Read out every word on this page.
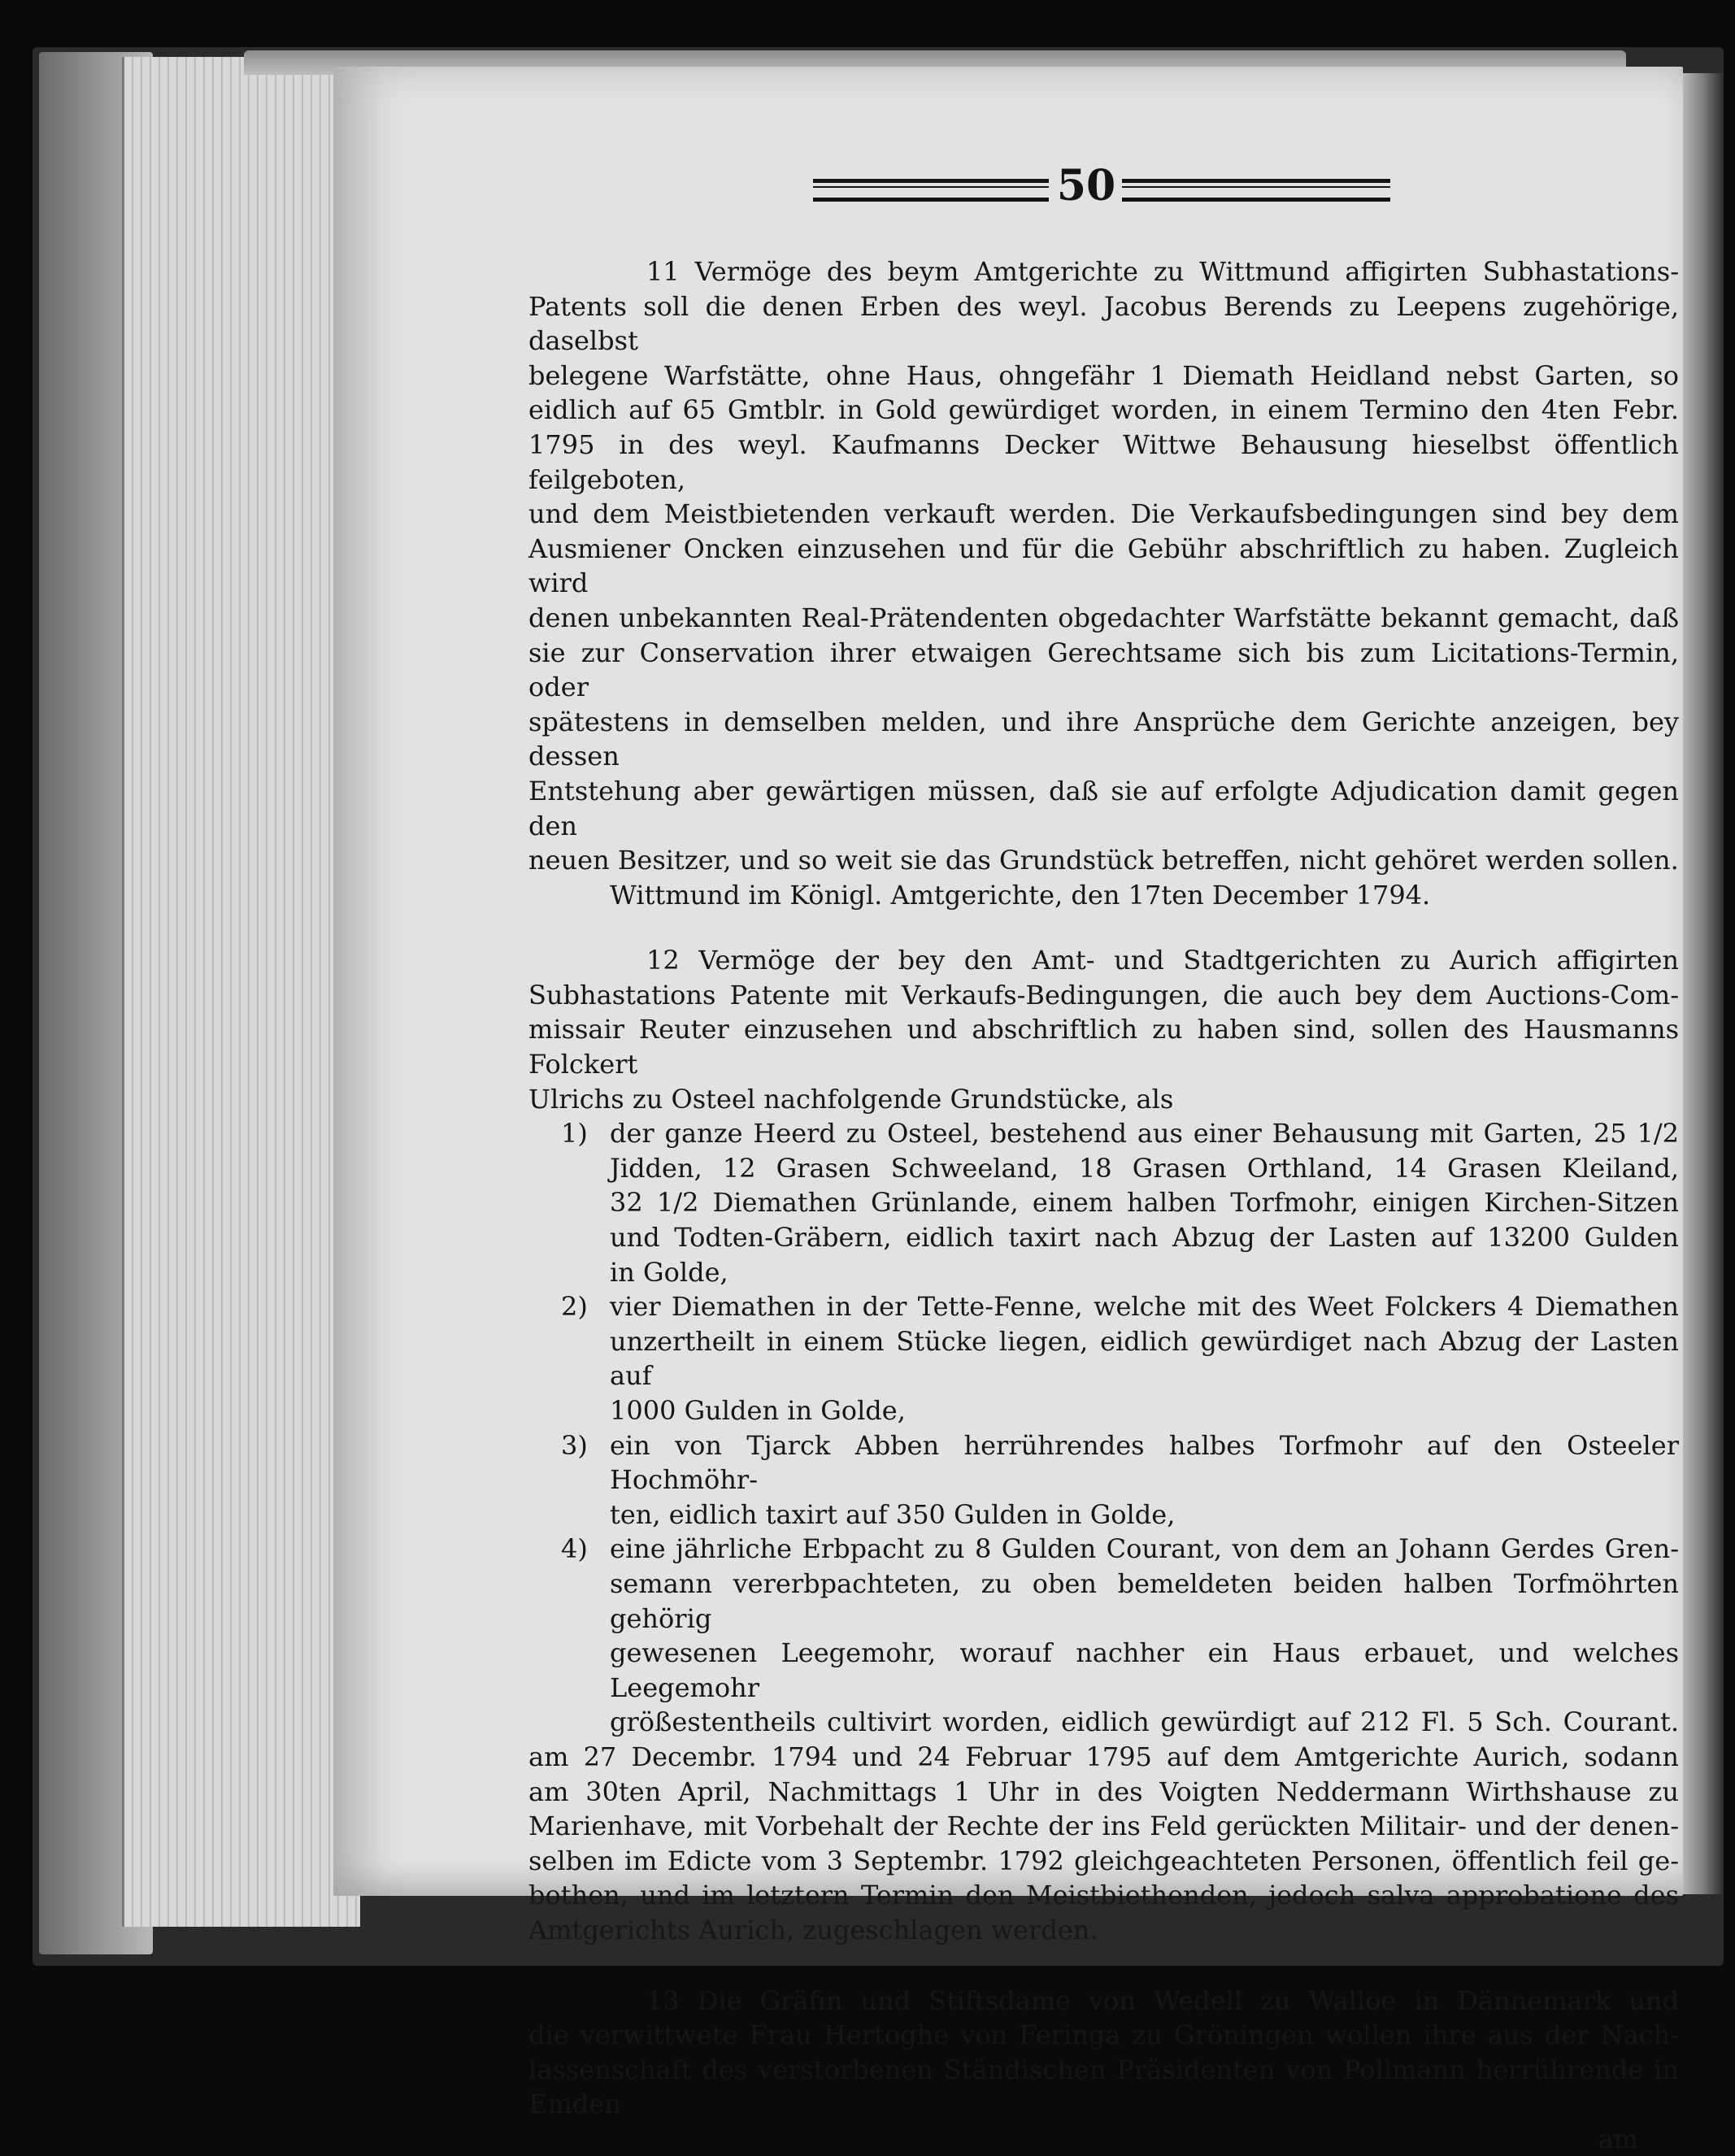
50
11 Vermöge des beym Amtgerichte zu Wittmund affigirten Subhastations-
Patents soll die denen Erben des weyl. Jacobus Berends zu Leepens zugehörige, daselbst
belegene Warfstätte, ohne Haus, ohngefähr 1 Diemath Heidland nebst Garten, so
eidlich auf 65 Gmtblr. in Gold gewürdiget worden, in einem Termino den 4ten Febr.
1795 in des weyl. Kaufmanns Decker Wittwe Behausung hieselbst öffentlich feilgeboten,
und dem Meistbietenden verkauft werden. Die Verkaufsbedingungen sind bey dem
Ausmiener Oncken einzusehen und für die Gebühr abschriftlich zu haben. Zugleich wird
denen unbekannten Real-Prätendenten obgedachter Warfstätte bekannt gemacht, daß
sie zur Conservation ihrer etwaigen Gerechtsame sich bis zum Licitations-Termin, oder
spätestens in demselben melden, und ihre Ansprüche dem Gerichte anzeigen, bey dessen
Entstehung aber gewärtigen müssen, daß sie auf erfolgte Adjudication damit gegen den
neuen Besitzer, und so weit sie das Grundstück betreffen, nicht gehöret werden sollen.
Wittmund im Königl. Amtgerichte, den 17ten December 1794.
12 Vermöge der bey den Amt- und Stadtgerichten zu Aurich affigirten
Subhastations Patente mit Verkaufs-Bedingungen, die auch bey dem Auctions-Com-
missair Reuter einzusehen und abschriftlich zu haben sind, sollen des Hausmanns Folckert
Ulrichs zu Osteel nachfolgende Grundstücke, als
1) der ganze Heerd zu Osteel, bestehend aus einer Behausung mit Garten, 25 1/2
Jidden, 12 Grasen Schweeland, 18 Grasen Orthland, 14 Grasen Kleiland,
32 1/2 Diemathen Grünlande, einem halben Torfmohr, einigen Kirchen-Sitzen
und Todten-Gräbern, eidlich taxirt nach Abzug der Lasten auf 13200 Gulden
in Golde,
2) vier Diemathen in der Tette-Fenne, welche mit des Weet Folckers 4 Diemathen
unzertheilt in einem Stücke liegen, eidlich gewürdiget nach Abzug der Lasten auf
1000 Gulden in Golde,
3) ein von Tjarck Abben herrührendes halbes Torfmohr auf den Osteeler Hochmöhr-
ten, eidlich taxirt auf 350 Gulden in Golde,
4) eine jährliche Erbpacht zu 8 Gulden Courant, von dem an Johann Gerdes Gren-
semann vererbpachteten, zu oben bemeldeten beiden halben Torfmöhrten gehörig
gewesenen Leegemohr, worauf nachher ein Haus erbauet, und welches Leegemohr
größestentheils cultivirt worden, eidlich gewürdigt auf 212 Fl. 5 Sch. Courant.
am 27 Decembr. 1794 und 24 Februar 1795 auf dem Amtgerichte Aurich, sodann
am 30ten April, Nachmittags 1 Uhr in des Voigten Neddermann Wirthshause zu
Marienhave, mit Vorbehalt der Rechte der ins Feld gerückten Militair- und der denen-
selben im Edicte vom 3 Septembr. 1792 gleichgeachteten Personen, öffentlich feil ge-
bothen, und im letztern Termin den Meistbiethenden, jedoch salva approbatione des
Amtgerichts Aurich, zugeschlagen werden.
13 Die Gräfin und Stiftsdame von Wedell zu Walloe in Dännemark und
die verwittwete Frau Hertoghe von Feringa zu Gröningen wollen ihre aus der Nach-
lassenschaft des verstorbenen Ständischen Präsidenten von Pollmann herrührende in Emden
am
